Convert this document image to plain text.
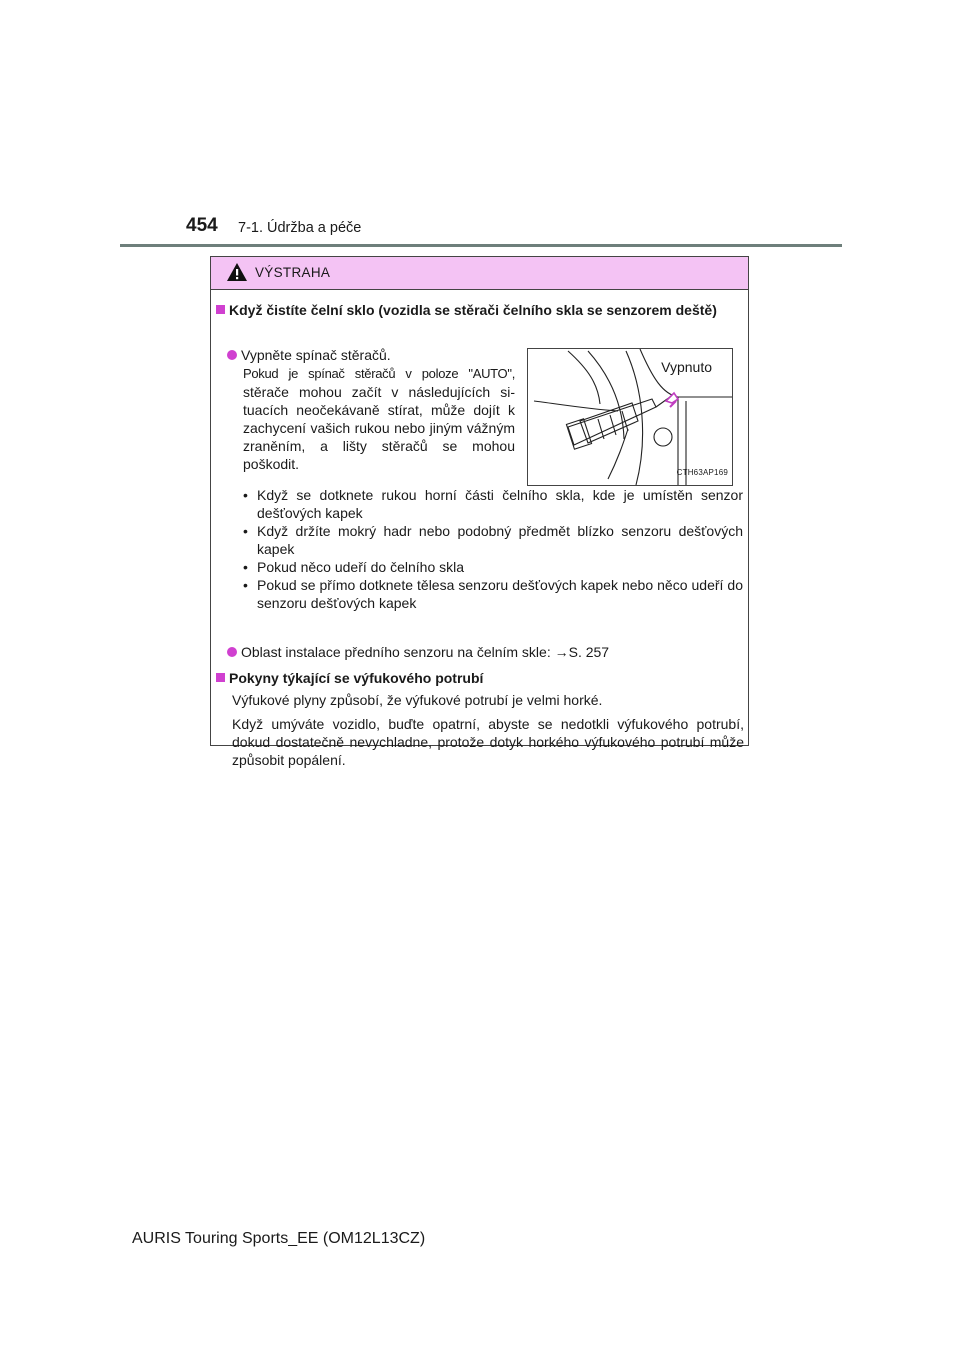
454 7-1. Údržba a péče
VÝSTRAHA
Když čistíte čelní sklo (vozidla se stěrači čelního skla se senzorem deště)
Vypněte spínač stěračů.
Pokud je spínač stěračů v poloze "AUTO", stěrače mohou začít v následujících situacích neočekávaně stírat, může dojít k zachycení vašich rukou nebo jiným vážným zraněním, a lišty stěračů se mohou poškodit.
Vypnuto
CTH63AP169
• Když se dotknete rukou horní části čelního skla, kde je umístěn senzor dešťových kapek
• Když držíte mokrý hadr nebo podobný předmět blízko senzoru dešťových kapek
• Pokud něco udeří do čelního skla
• Pokud se přímo dotknete tělesa senzoru dešťových kapek nebo něco udeří do senzoru dešťových kapek
Oblast instalace předního senzoru na čelním skle: →S. 257
Pokyny týkající se výfukového potrubí
Výfukové plyny způsobí, že výfukové potrubí je velmi horké.
Když umýváte vozidlo, buďte opatrní, abyste se nedotkli výfukového potrubí, dokud dostatečně nevychladne, protože dotyk horkého výfukového potrubí může způsobit popálení.
AURIS Touring Sports_EE (OM12L13CZ)
